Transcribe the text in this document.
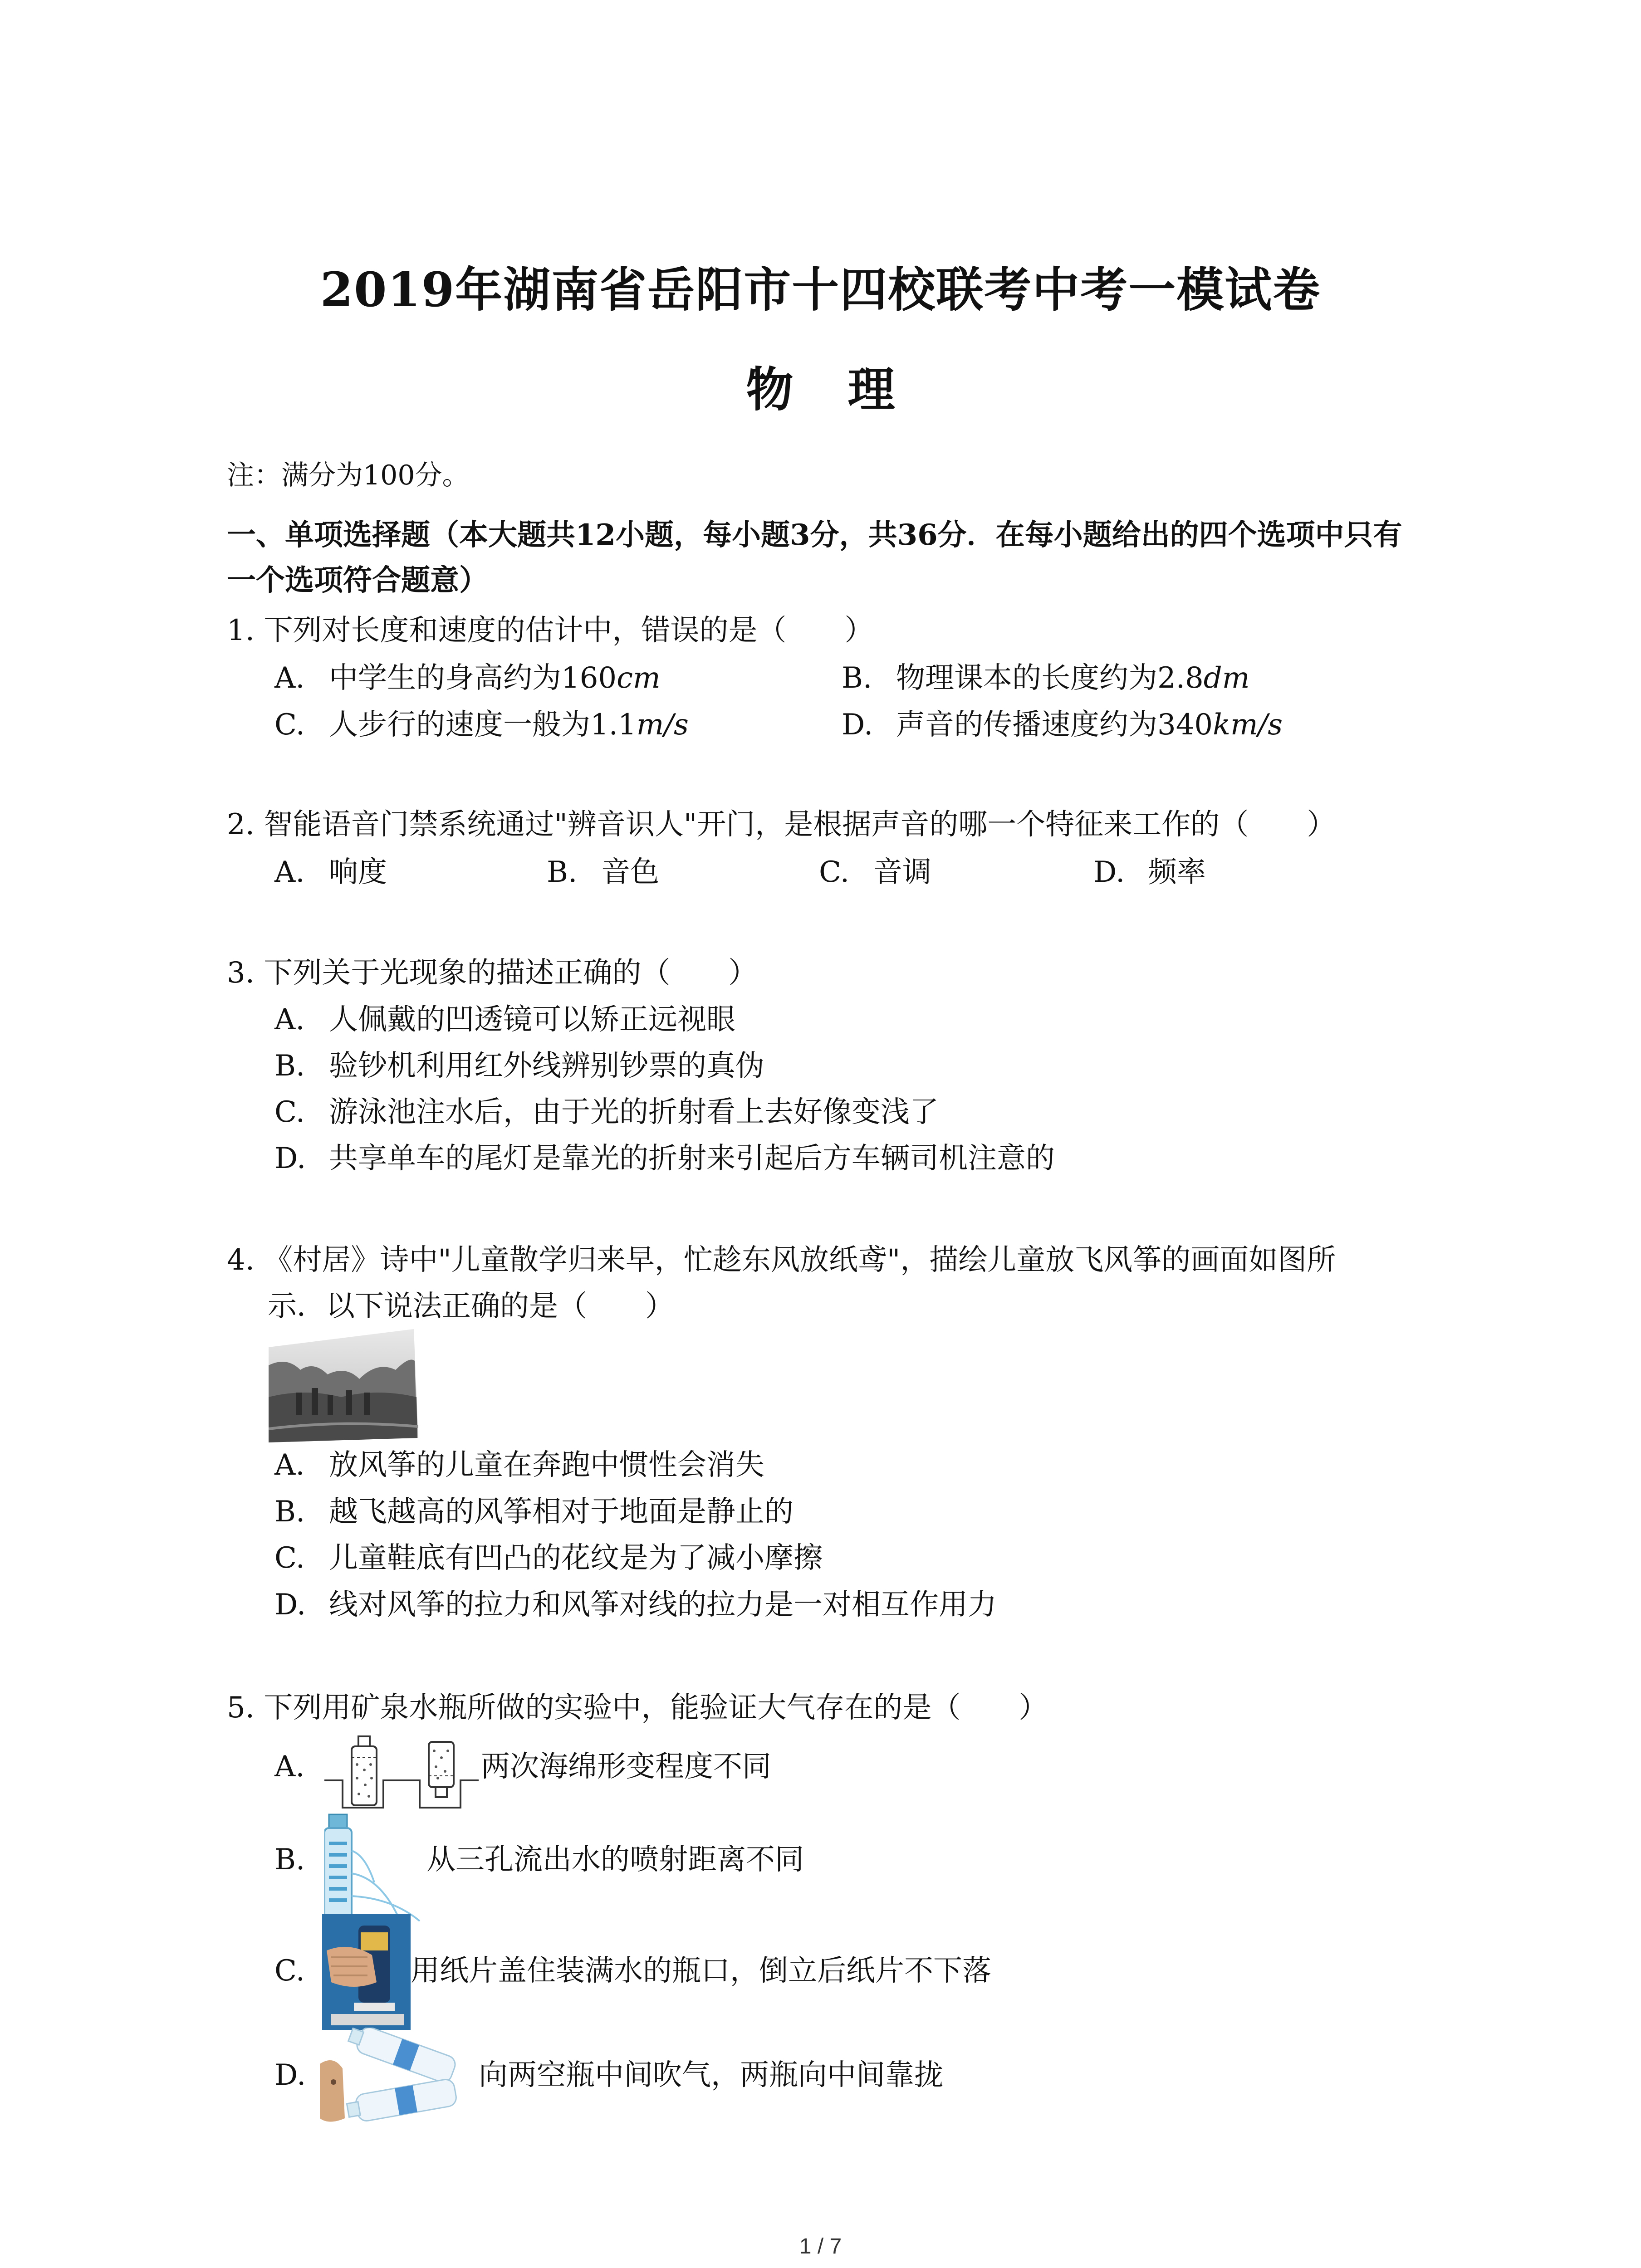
2019年湖南省岳阳市十四校联考中考一模试卷
物理
注：满分为100分。
一、单项选择题（本大题共12小题，每小题3分，共36分．在每小题给出的四个选项中只有
一个选项符合题意）
1. 下列对长度和速度的估计中，错误的是（　　）
A. 中学生的身高约为160cm	B. 物理课本的长度约为2.8dm
C. 人步行的速度一般为1.1m/s	D. 声音的传播速度约为340km/s
2. 智能语音门禁系统通过"辨音识人"开门，是根据声音的哪一个特征来工作的（　　）
A. 响度	B. 音色	C. 音调	D. 频率
3. 下列关于光现象的描述正确的（　　）
A. 人佩戴的凹透镜可以矫正远视眼
B. 验钞机利用红外线辨别钞票的真伪
C. 游泳池注水后，由于光的折射看上去好像变浅了
D. 共享单车的尾灯是靠光的折射来引起后方车辆司机注意的
4. 《村居》诗中"儿童散学归来早，忙趁东风放纸鸢"，描绘儿童放飞风筝的画面如图所
示．以下说法正确的是（　　）
A. 放风筝的儿童在奔跑中惯性会消失
B. 越飞越高的风筝相对于地面是静止的
C. 儿童鞋底有凹凸的花纹是为了减小摩擦
D. 线对风筝的拉力和风筝对线的拉力是一对相互作用力
5. 下列用矿泉水瓶所做的实验中，能验证大气存在的是（　　）
A.	两次海绵形变程度不同
B.	从三孔流出水的喷射距离不同
C.	用纸片盖住装满水的瓶口，倒立后纸片不下落
D.	向两空瓶中间吹气，两瓶向中间靠拢
1 / 7
